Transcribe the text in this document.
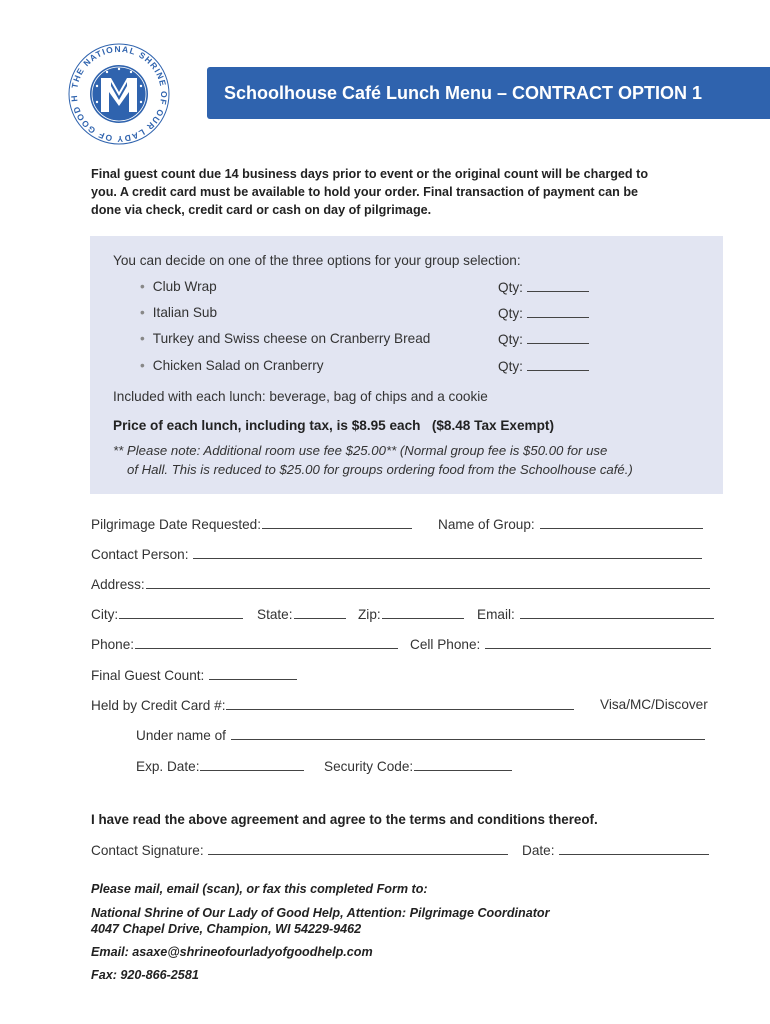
THE NATIONAL SHRINE OF OUR LADY OF GOOD H	Schoolhouse Café Lunch Menu – CONTRACT OPTION 1
Final guest count due 14 business days prior to event or the original count will be charged to
you. A credit card must be available to hold your order. Final transaction of payment can be
done via check, credit card or cash on day of pilgrimage.
You can decide on one of the three options for your group selection:
• Club Wrap	Qty:
• Italian Sub	Qty:
• Turkey and Swiss cheese on Cranberry Bread	Qty:
• Chicken Salad on Cranberry	Qty:
Included with each lunch: beverage, bag of chips and a cookie
Price of each lunch, including tax, is $8.95 each ($8.48 Tax Exempt)
** Please note: Additional room use fee $25.00** (Normal group fee is $50.00 for use
of Hall. This is reduced to $25.00 for groups ordering food from the Schoolhouse café.)
Pilgrimage Date Requested:	Name of Group:
Contact Person:
Address:
City:	State:	Zip:	Email:
Phone:	Cell Phone:
Final Guest Count:
Held by Credit Card #:	Visa/MC/Discover
Under name of
Exp. Date:	Security Code:
I have read the above agreement and agree to the terms and conditions thereof.
Contact Signature:	Date:
Please mail, email (scan), or fax this completed Form to:
National Shrine of Our Lady of Good Help, Attention: Pilgrimage Coordinator
4047 Chapel Drive, Champion, WI 54229-9462
Email: asaxe@shrineofourladyofgoodhelp.com
Fax: 920-866-2581
